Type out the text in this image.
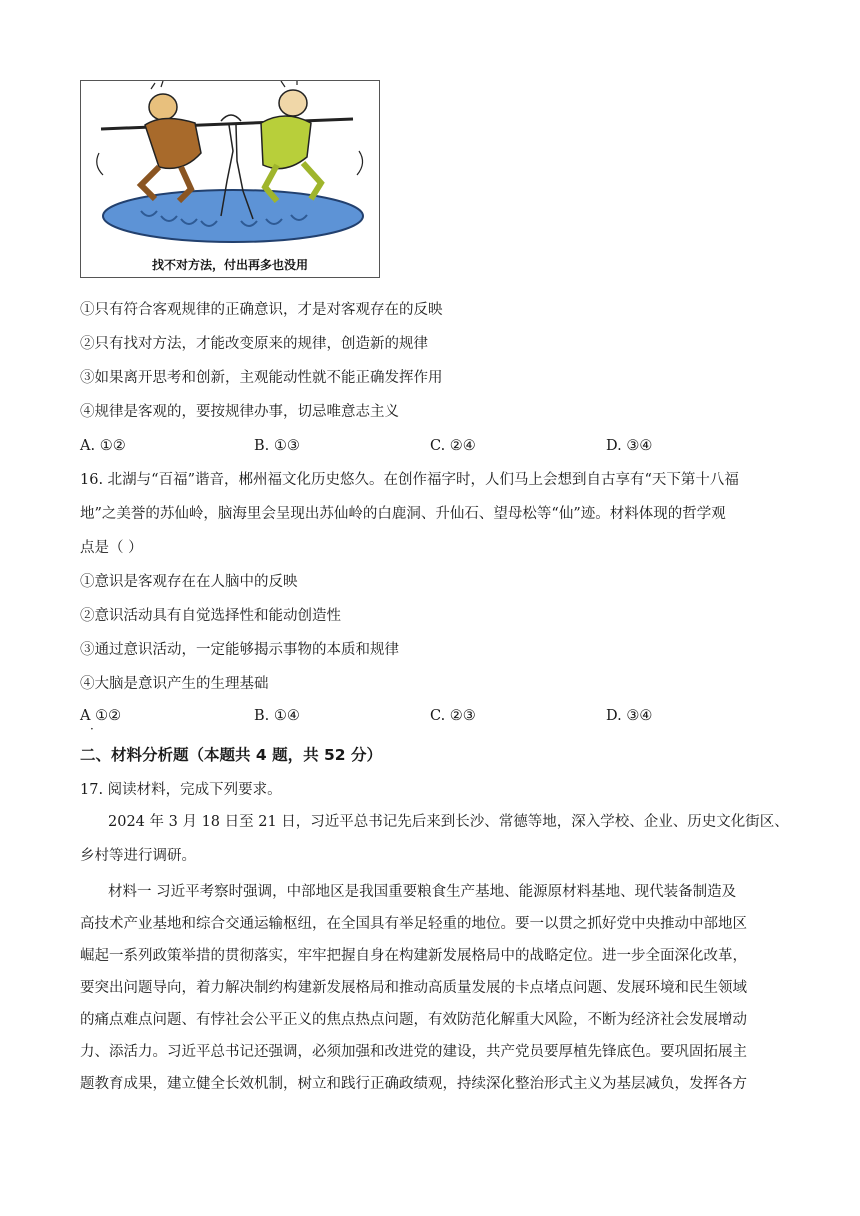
找不对方法，付出再多也没用
①只有符合客观规律的正确意识，才是对客观存在的反映
②只有找对方法，才能改变原来的规律，创造新的规律
③如果离开思考和创新，主观能动性就不能正确发挥作用
④规律是客观的，要按规律办事，切忌唯意志主义
A. ①②	B. ①③	C. ②④	D. ③④
16. 北湖与“百福”谐音，郴州福文化历史悠久。在创作福字时，人们马上会想到自古享有“天下第十八福
地”之美誉的苏仙岭，脑海里会呈现出苏仙岭的白鹿洞、升仙石、望母松等“仙”迹。材料体现的哲学观
点是（ ）
①意识是客观存在在人脑中的反映
②意识活动具有自觉选择性和能动创造性
③通过意识活动，一定能够揭示事物的本质和规律
④大脑是意识产生的生理基础
A ①②
·
B. ①④	C. ②③	D. ③④
二、材料分析题（本题共 4 题，共 52 分）
17. 阅读材料，完成下列要求。
2024 年 3 月 18 日至 21 日，习近平总书记先后来到长沙、常德等地，深入学校、企业、历史文化街区、
乡村等进行调研。
材料一 习近平考察时强调，中部地区是我国重要粮食生产基地、能源原材料基地、现代装备制造及
高技术产业基地和综合交通运输枢纽，在全国具有举足轻重的地位。要一以贯之抓好党中央推动中部地区
崛起一系列政策举措的贯彻落实，牢牢把握自身在构建新发展格局中的战略定位。进一步全面深化改革，
要突出问题导向，着力解决制约构建新发展格局和推动高质量发展的卡点堵点问题、发展环境和民生领域
的痛点难点问题、有悖社会公平正义的焦点热点问题，有效防范化解重大风险，不断为经济社会发展增动
力、添活力。习近平总书记还强调，必须加强和改进党的建设，共产党员要厚植先锋底色。要巩固拓展主
题教育成果，建立健全长效机制，树立和践行正确政绩观，持续深化整治形式主义为基层减负，发挥各方
